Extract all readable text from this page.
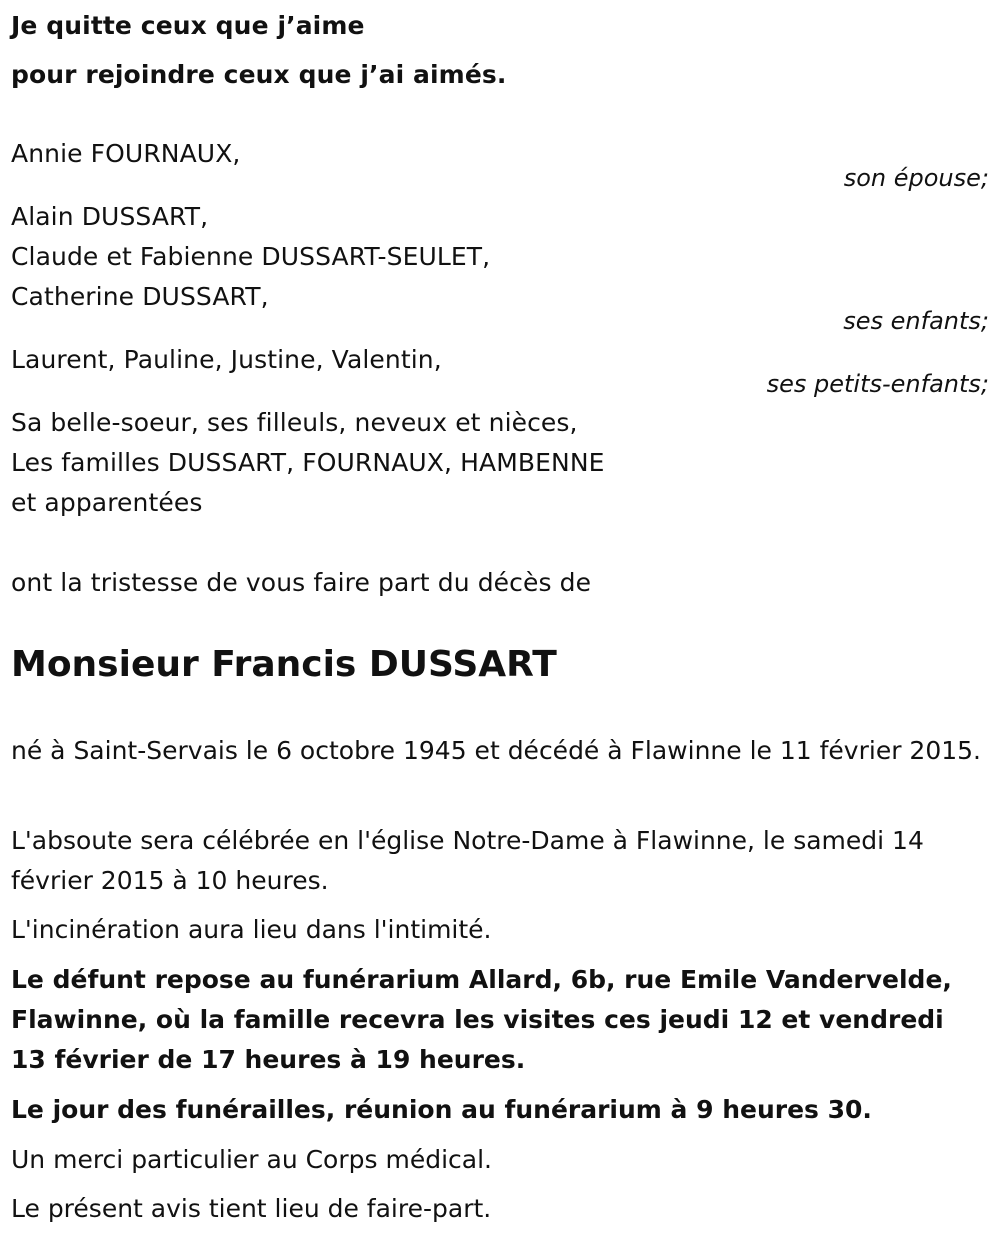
Je quitte ceux que j’aime

pour rejoindre ceux que j’ai aimés.

Annie FOURNAUX,

son épouse;

Alain DUSSART,

Claude et Fabienne DUSSART-SEULET,

Catherine DUSSART,

ses enfants;

Laurent, Pauline, Justine, Valentin,

ses petits-enfants;

Sa belle-soeur, ses filleuls, neveux et nièces,

Les familles DUSSART, FOURNAUX, HAMBENNE

et apparentées

ont la tristesse de vous faire part du décès de

Monsieur Francis DUSSART

né à Saint-Servais le 6 octobre 1945 et décédé à Flawinne le 11 février 2015.

L'absoute sera célébrée en l'église Notre-Dame à Flawinne, le samedi 14 février 2015 à 10 heures.

L'incinération aura lieu dans l'intimité.

Le défunt repose au funérarium Allard, 6b, rue Emile Vandervelde, Flawinne, où la famille recevra les visites ces jeudi 12 et vendredi 13 février de 17 heures à 19 heures.

Le jour des funérailles, réunion au funérarium à 9 heures 30.

Un merci particulier au Corps médical.

Le présent avis tient lieu de faire-part.
